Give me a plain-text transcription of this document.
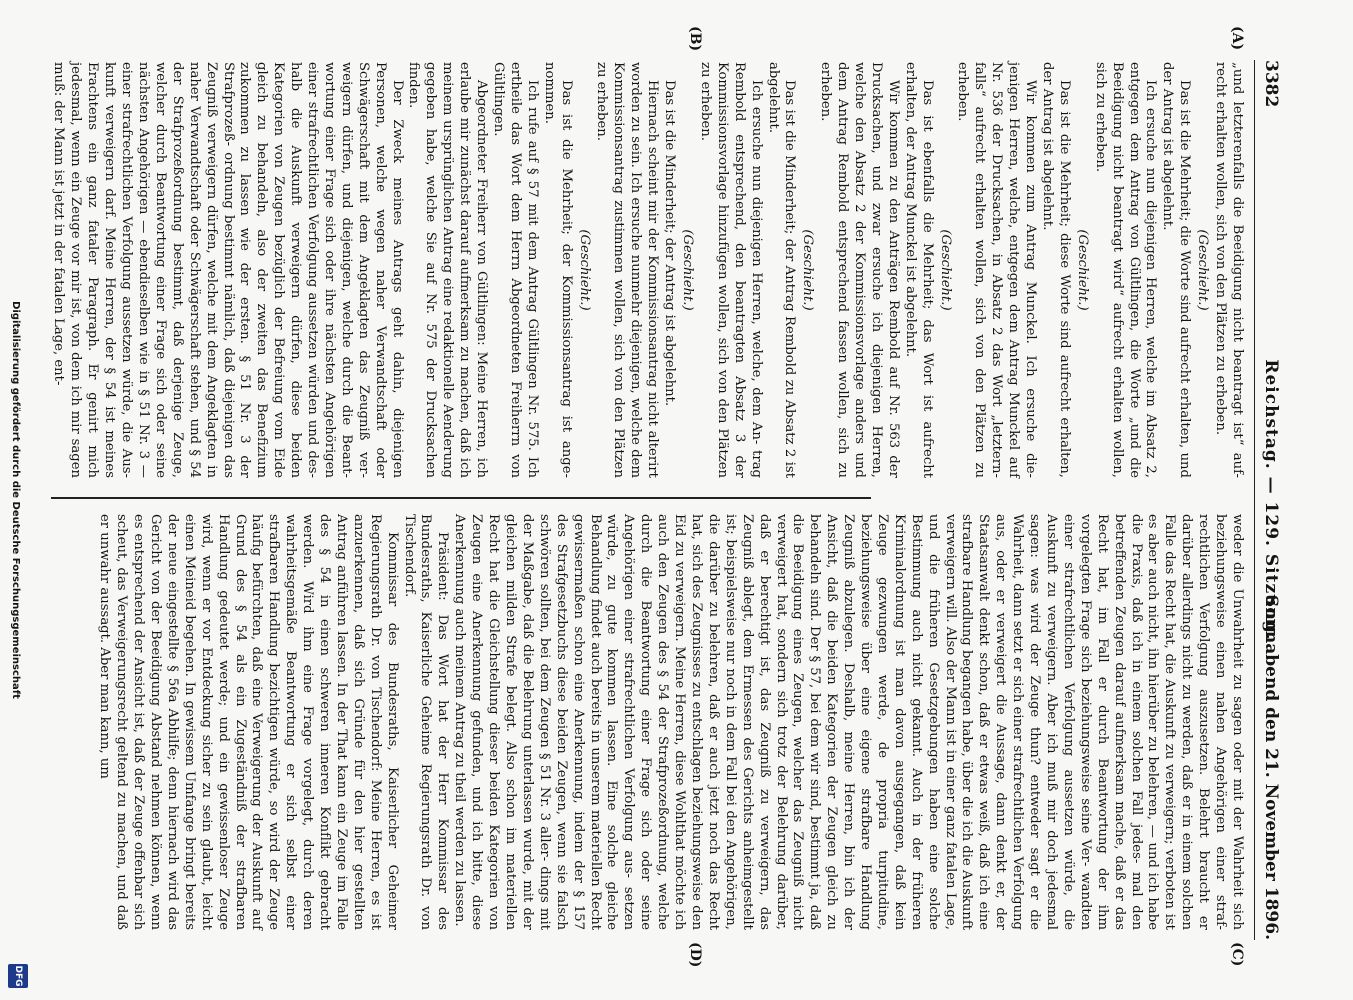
3382
Reichstag. — 129. Sitzung.
Sonnabend den 21. November 1896.
(A)
(B)
(C)
(D)

„und letzterenfalls die Beeidigung nicht beantragt ist“ auf- recht erhalten wollen, sich von den Plätzen zu erheben.

(Geschieht.)

Das ist die Mehrheit; die Worte sind aufrecht erhalten, und der Antrag ist abgelehnt.

Ich ersuche nun diejenigen Herren, welche im Absatz 2, entgegen dem Antrag von Gültlingen, die Worte „und die Beeidigung nicht beantragt wird“ aufrecht erhalten wollen, sich zu erheben.

(Geschieht.)

Das ist die Mehrheit; diese Worte sind aufrecht erhalten, der Antrag ist abgelehnt.

Wir kommen zum Antrag Munckel. Ich ersuche die- jenigen Herren, welche, entgegen dem Antrag Munckel auf Nr. 536 der Drucksachen, in Absatz 2 das Wort „letztern- falls“ aufrecht erhalten wollen, sich von den Plätzen zu erheben.

(Geschieht.)

Das ist ebenfalls die Mehrheit; das Wort ist aufrecht erhalten, der Antrag Munckel ist abgelehnt.

Wir kommen zu den Anträgen Rembold auf Nr. 563 der Drucksachen, und zwar ersuche ich diejenigen Herren, welche den Absatz 2 der Kommissionsvorlage anders und dem Antrag Rembold entsprechend fassen wollen, sich zu erheben.

(Geschieht.)

Das ist die Minderheit; der Antrag Rembold zu Absatz 2 ist abgelehnt.

Ich ersuche nun diejenigen Herren, welche, dem An- trag Rembold entsprechend, den beantragten Absatz 3 der Kommissionsvorlage hinzufügen wollen, sich von den Plätzen zu erheben.

(Geschieht.)

Das ist die Minderheit; der Antrag ist abgelehnt.

Hiernach scheint mir der Kommissionsantrag nicht alterirt worden zu sein. Ich ersuche nunmehr diejenigen, welche dem Kommissionsantrag zustimmen wollen, sich von den Plätzen zu erheben.

(Geschieht.)

Das ist die Mehrheit; der Kommissionsantrag ist ange- nommen.

Ich rufe auf § 57 mit dem Antrag Gültlingen Nr. 575. Ich ertheile das Wort dem Herrn Abgeordneten Freiherrn von Gültlingen.

Abgeordneter Freiherr von Gültlingen: Meine Herren, ich erlaube mir zunächst darauf aufmerksam zu machen, daß ich meinem ursprünglichen Antrag eine redaktionelle Aenderung gegeben habe, welche Sie auf Nr. 575 der Drucksachen finden.

Der Zweck meines Antrags geht dahin, diejenigen Personen, welche wegen naher Verwandtschaft oder Schwägerschaft mit dem Angeklagten das Zeugniß ver- weigern dürfen, und diejenigen, welche durch die Beant- wortung einer Frage sich oder ihre nächsten Angehörigen einer strafrechtlichen Verfolgung aussetzen würden und des- halb die Auskunft verweigern dürfen, diese beiden Kategorien von Zeugen bezüglich der Befreiung vom Eide gleich zu behandeln, also der zweiten das Benefizium zukommen zu lassen wie der ersten. § 51 Nr. 3 der Strafprozeß- ordnung bestimmt nämlich, daß diejenigen das Zeugniß verweigern dürfen, welche mit dem Angeklagten in naher Verwandtschaft oder Schwägerschaft stehen, und § 54 der Strafprozeßordnung bestimmt, daß derjenige Zeuge, welcher durch Beantwortung einer Frage sich oder seine nächsten Angehörigen — ebendieselben wie in § 51 Nr. 3 — einer strafrechtlichen Verfolgung aussetzen würde, die Aus- kunft verweigern darf. Meine Herren, der § 54 ist meines Erachtens ein ganz fataler Paragraph. Er genirt mich jedesmal, wenn ein Zeuge vor mir ist, von dem ich mir sagen muß: der Mann ist jetzt in der fatalen Lage, ent-

weder die Unwahrheit zu sagen oder mit der Wahrheit sich beziehungsweise einen nahen Angehörigen einer straf- rechtlichen Verfolgung auszusetzen. Belehrt braucht er darüber allerdings nicht zu werden, daß er in einem solchen Falle das Recht hat, die Auskunft zu verweigern; verboten ist es aber auch nicht, ihn hierüber zu belehren, — und ich habe die Praxis, daß ich in einem solchen Fall jedes- mal den betreffenden Zeugen darauf aufmerksam mache, daß er das Recht hat, im Fall er durch Beantwortung der ihm vorgelegten Frage sich beziehungsweise seine Ver- wandten einer strafrechtlichen Verfolgung aussetzen würde, die Auskunft zu verweigern. Aber ich muß mir doch jedesmal sagen: was wird der Zeuge thun? entweder sagt er die Wahrheit, dann setzt er sich einer strafrechtlichen Verfolgung aus, oder er verweigert die Aussage, dann denkt er, der Staatsanwalt denkt schon, daß er etwas weiß, daß ich eine strafbare Handlung begangen habe, über die ich die Auskunft verweigern will. Also der Mann ist in einer ganz fatalen Lage, und die früheren Gesetzgebungen haben eine solche Bestimmung auch nicht gekannt. Auch in der früheren Kriminalordnung ist man davon ausgegangen, daß kein Zeuge gezwungen werde, de propria turpitudine, beziehungsweise über eine eigene strafbare Handlung Zeugniß abzulegen. Deshalb, meine Herren, bin ich der Ansicht, daß die beiden Kategorien der Zeugen gleich zu behandeln sind. Der § 57, bei dem wir sind, bestimmt ja, daß die Beeidigung eines Zeugen, welcher das Zeugniß nicht verweigert hat, sondern sich trotz der Belehrung darüber, daß er berechtigt ist, das Zeugniß zu verweigern, das Zeugniß ablegt, dem Ermessen des Gerichts anheimgestellt ist; beispielsweise nur noch in dem Fall bei den Angehörigen, die darüber zu belehren, daß er auch jetzt noch das Recht hat, sich des Zeugnisses zu entschlagen beziehungsweise den Eid zu verweigern. Meine Herren, diese Wohlthat möchte ich auch den Zeugen des § 54 der Strafprozeßordnung, welche durch die Beantwortung einer Frage sich oder seine Angehörigen einer strafrechtlichen Verfolgung aus- setzen würde, zu gute kommen lassen. Eine solche gleiche Behandlung findet auch bereits in unserem materiellen Recht gewissermaßen schon eine Anerkennung, indem der § 157 des Strafgesetzbuchs diese beiden Zeugen, wenn sie falsch schwören sollten, bei dem Zeugen § 51 Nr. 3 aller- dings mit der Maßgabe, daß die Belehrung unterlassen wurde, mit der gleichen milden Strafe belegt. Also schon im materiellen Recht hat die Gleichstellung dieser beiden Kategorien von Zeugen eine Anerkennung gefunden, und ich bitte, diese Anerkennung auch meinem Antrag zu theil werden zu lassen.

Präsident: Das Wort hat der Herr Kommissar des Bundesraths, Kaiserliche Geheime Regierungsrath Dr. von Tischendorf.

Kommissar des Bundesraths, Kaiserlicher Geheimer Regierungsrath Dr. von Tischendorf: Meine Herren, es ist anzuerkennen, daß sich Gründe für den hier gestellten Antrag anführen lassen. In der That kann ein Zeuge im Falle des § 54 in einen schweren inneren Konflikt gebracht werden. Wird ihm eine Frage vorgelegt, durch deren wahrheitsgemäße Beantwortung er sich selbst einer strafbaren Handlung bezichtigen würde, so wird der Zeuge häufig befürchten, daß eine Verweigerung der Auskunft auf Grund des § 54 als ein Zugeständniß der strafbaren Handlung gedeutet werde; und ein gewissenloser Zeuge wird, wenn er vor Entdeckung sicher zu sein glaubt, leicht einen Meineid begehen. In gewissem Umfange bringt bereits der neue eingestellte § 56a Abhilfe; denn hiernach wird das Gericht von der Beeidigung Abstand nehmen können, wenn es entsprechend der Ansicht ist, daß der Zeuge offenbar sich scheut, das Verweigerungsrecht geltend zu machen, und daß er unwahr aussagt. Aber man kann, um

Digitalisierung gefördert durch die Deutsche Forschungsgemeinschaft
DFG
